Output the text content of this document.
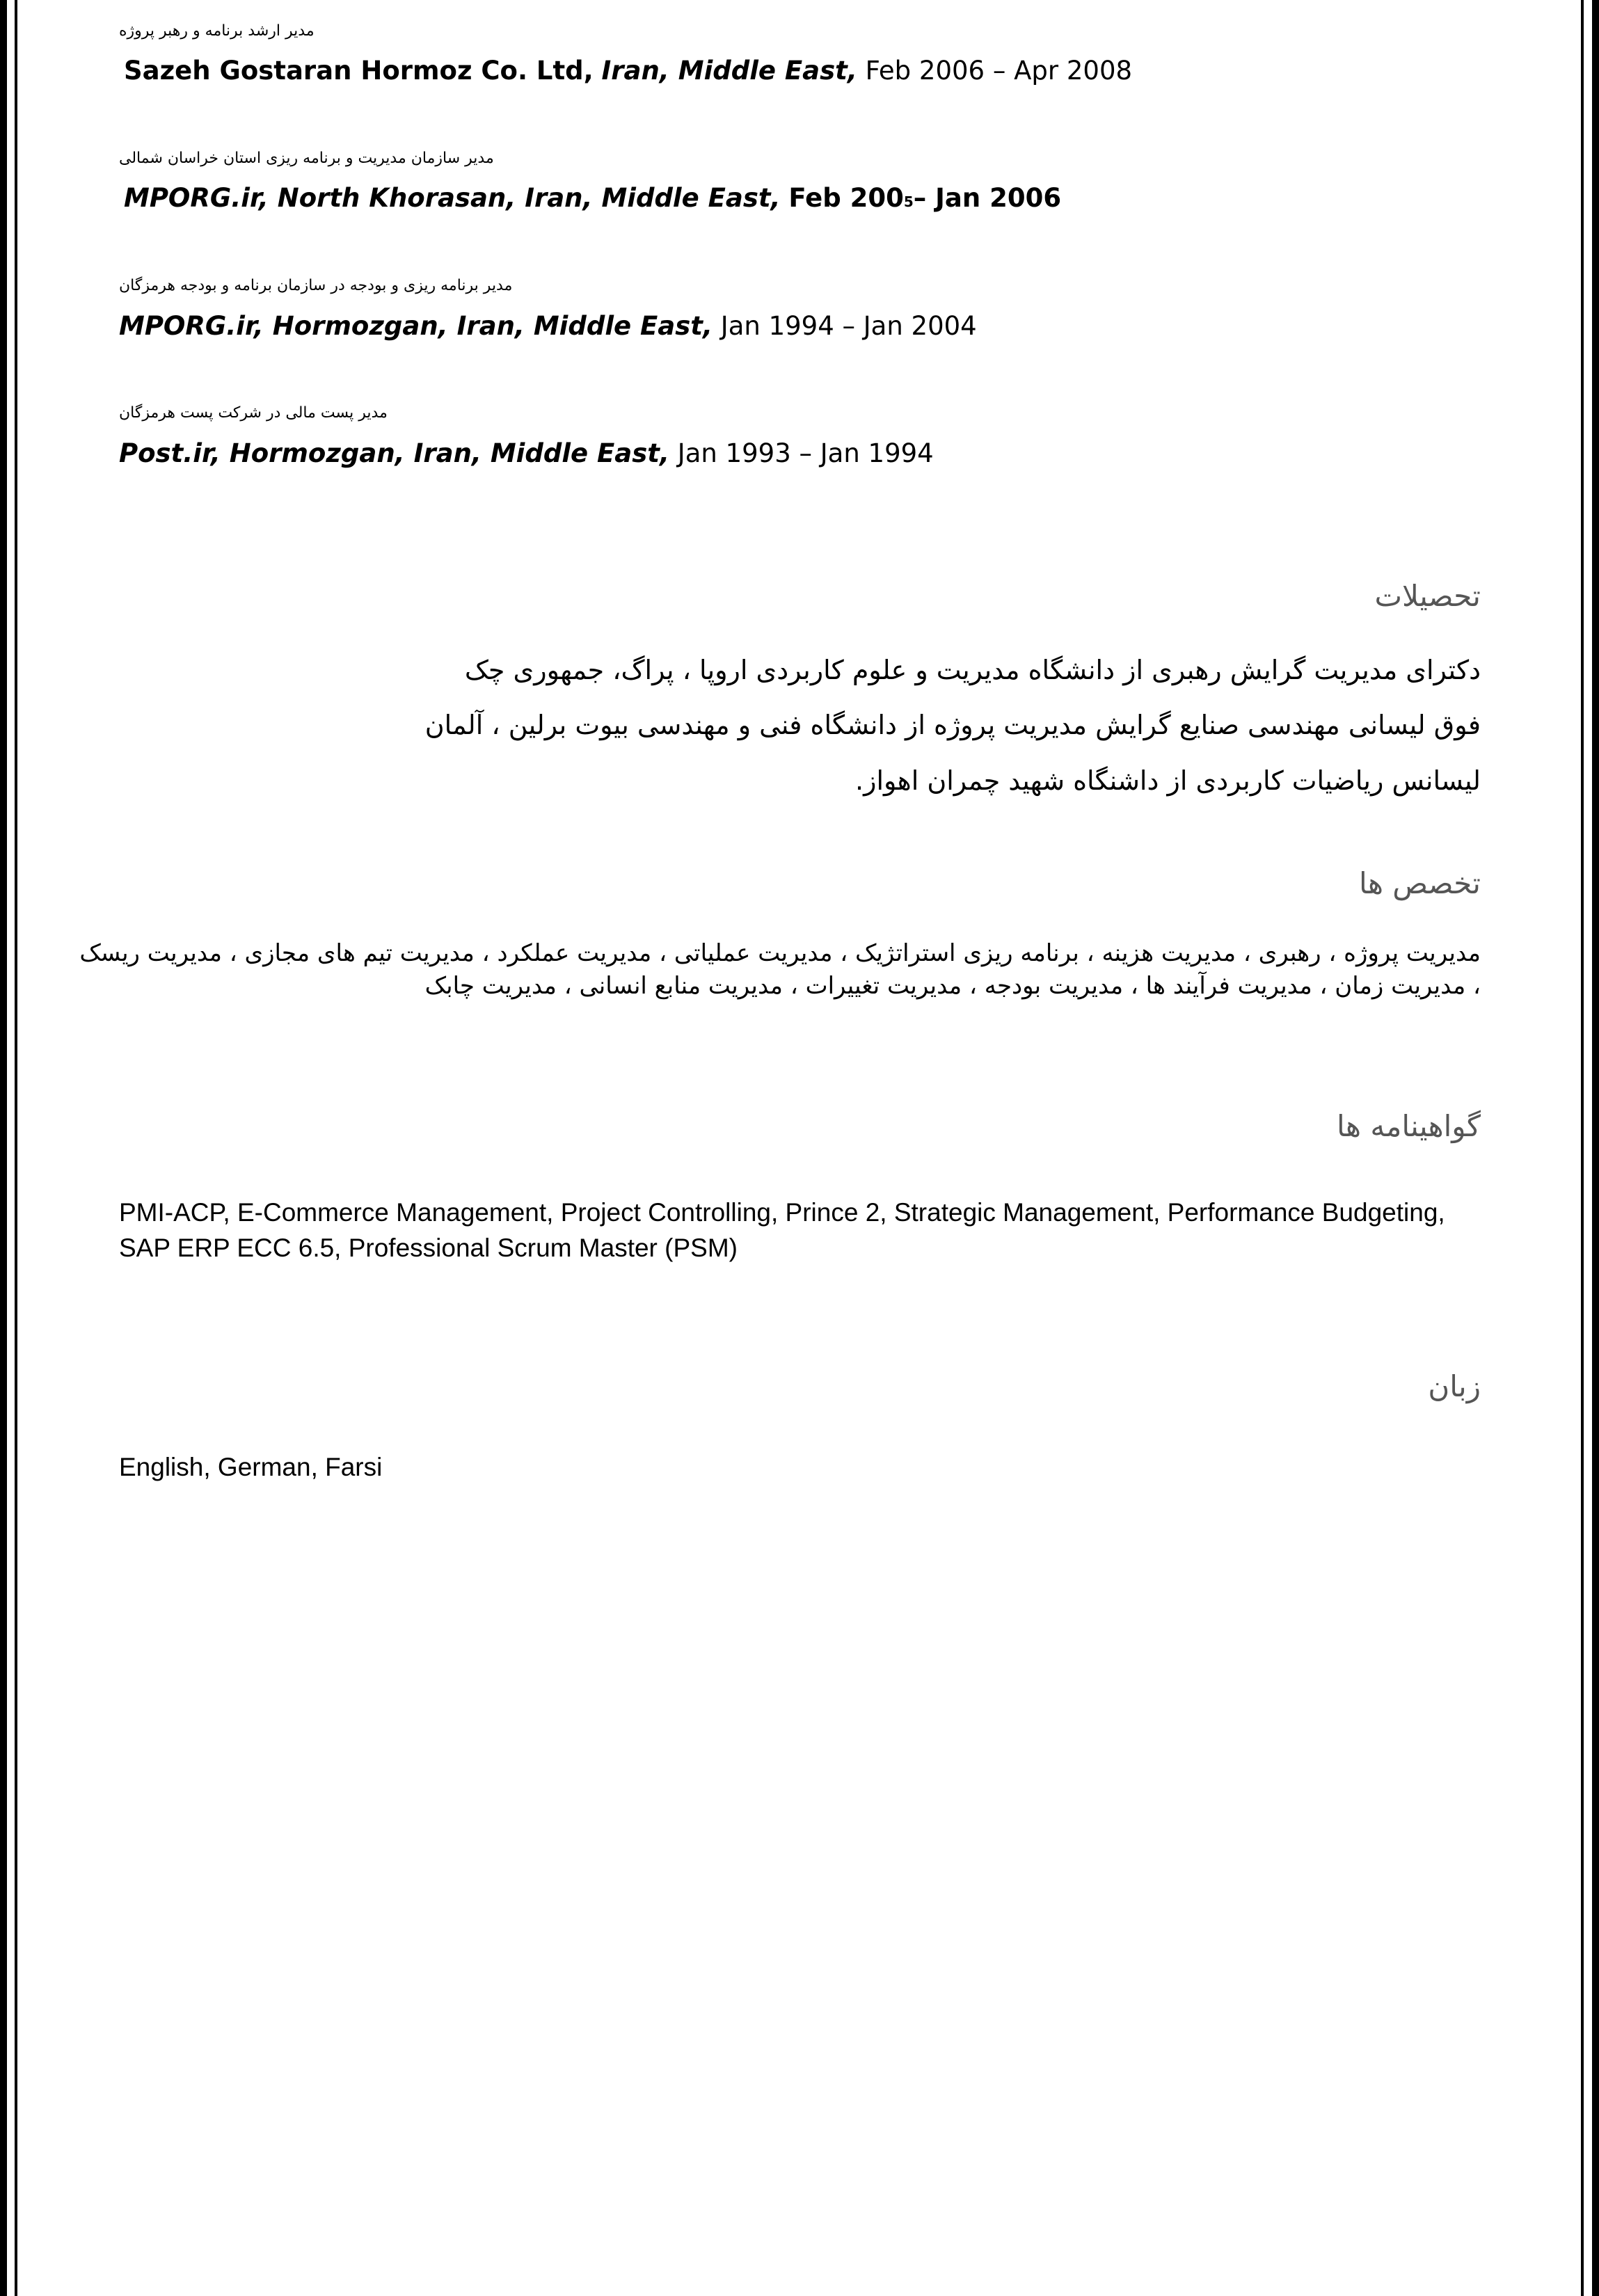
مدیر ارشد برنامه و رهبر پروژه
Sazeh Gostaran Hormoz Co. Ltd, Iran, Middle East, Feb 2006 – Apr 2008
مدیر سازمان مدیریت و برنامه ریزی استان خراسان شمالی
MPORG.ir, North Khorasan, Iran, Middle East, Feb 2005– Jan 2006
مدیر برنامه ریزی و بودجه در سازمان برنامه و بودجه هرمزگان
MPORG.ir, Hormozgan, Iran, Middle East, Jan 1994 – Jan 2004
مدیر پست مالی در شرکت پست هرمزگان
Post.ir, Hormozgan, Iran, Middle East, Jan 1993 – Jan 1994
تحصیلات
دکترای مدیریت گرایش رهبری از دانشگاه مدیریت و علوم کاربردی اروپا ، پراگ، جمهوری چک
فوق لیسانی مهندسی صنایع گرایش مدیریت پروژه از دانشگاه فنی و مهندسی بیوت برلین ، آلمان
لیسانس ریاضیات کاربردی از داشنگاه شهید چمران اهواز.
تخصص ها
مدیریت پروژه ، رهبری ، مدیریت هزینه ، برنامه ریزی استراتژیک ، مدیریت عملیاتی ، مدیریت عملکرد ، مدیریت تیم های مجازی ، مدیریت ریسک ، مدیریت زمان ، مدیریت فرآیند ها ، مدیریت بودجه ، مدیریت تغییرات ، مدیریت منابع انسانی ، مدیریت چابک
گواهینامه ها
PMI-ACP, E-Commerce Management, Project Controlling, Prince 2, Strategic Management, Performance Budgeting, SAP ERP ECC 6.5, Professional Scrum Master (PSM)
زبان
English, German, Farsi
